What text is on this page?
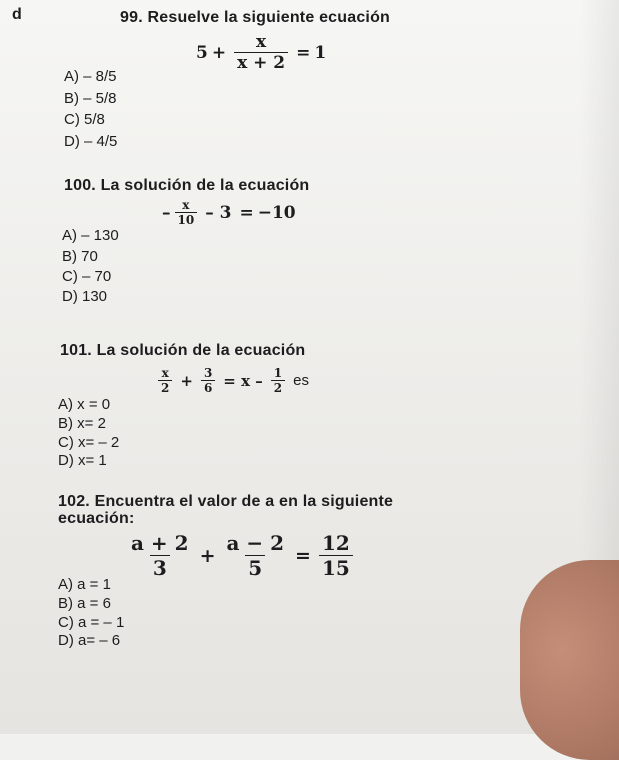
d	99. Resuelve la siguiente ecuación
$5 + \frac{x}{x + 2} = 1$
A) – 8/5
B) – 5/8
C) 5/8
D) – 4/5
100. La solución de la ecuación
– $\frac{x}{10} - 3 = -10$
A) – 130
B) 70
C) – 70
D) 130
101. La solución de la ecuación
$\frac{x}{2} + \frac{3}{6} = x - \frac{1}{2}$ es
A) x = 0
B) x= 2
C) x= – 2
D) x= 1
102. Encuentra el valor de a en la siguiente
ecuación:
$\frac{a + 2}{3} + \frac{a - 2}{5} = \frac{12}{15}$
A) a = 1
B) a = 6
C) a = – 1
D) a= – 6
